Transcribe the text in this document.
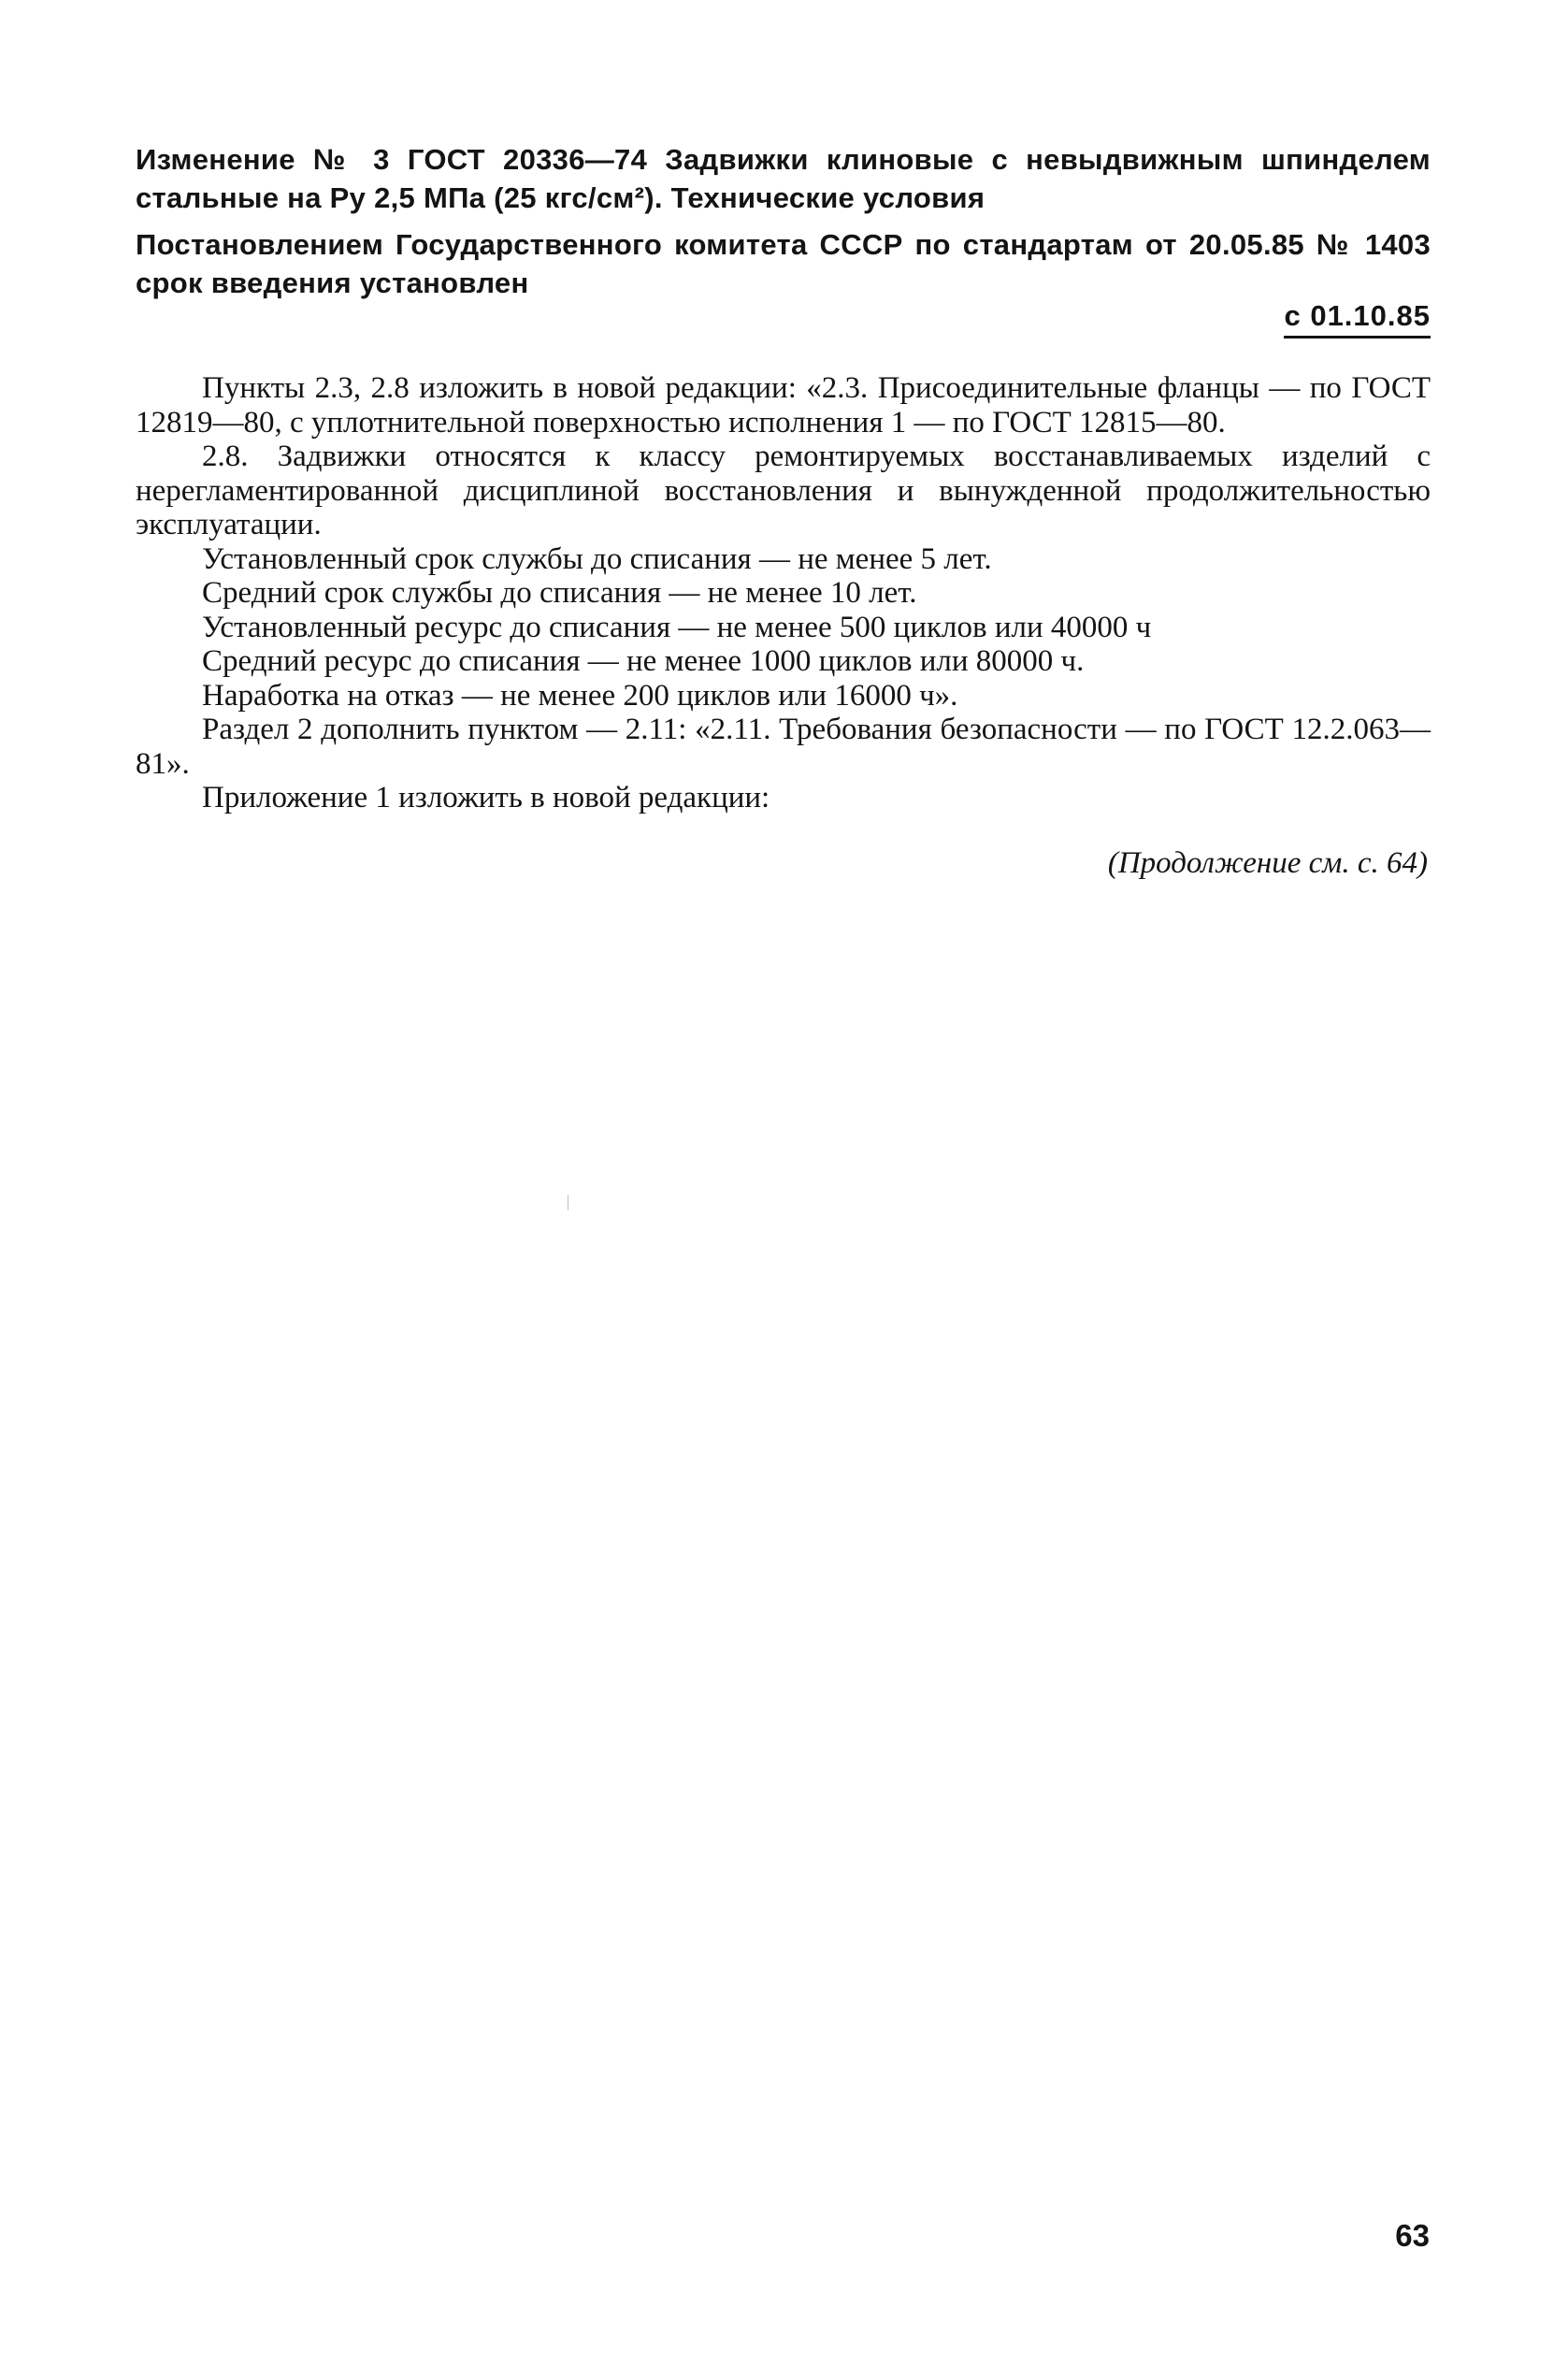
Изменение № 3 ГОСТ 20336—74 Задвижки клиновые с невыдвижным шпинделем стальные на Pу 2,5 МПа (25 кгс/см²). Технические условия
Постановлением Государственного комитета СССР по стандартам от 20.05.85 № 1403 срок введения установлен
с 01.10.85

Пункты 2.3, 2.8 изложить в новой редакции: «2.3. Присоединительные фланцы — по ГОСТ 12819—80, с уплотнительной поверхностью исполнения 1 — по ГОСТ 12815—80.

2.8. Задвижки относятся к классу ремонтируемых восстанавливаемых изделий с нерегламентированной дисциплиной восстановления и вынужденной продолжительностью эксплуатации.

Установленный срок службы до списания — не менее 5 лет.

Средний срок службы до списания — не менее 10 лет.

Установленный ресурс до списания — не менее 500 циклов или 40000 ч

Средний ресурс до списания — не менее 1000 циклов или 80000 ч.

Наработка на отказ — не менее 200 циклов или 16000 ч».

Раздел 2 дополнить пунктом — 2.11: «2.11. Требования безопасности — по ГОСТ 12.2.063—81».

Приложение 1 изложить в новой редакции:

(Продолжение см. с. 64)
63
